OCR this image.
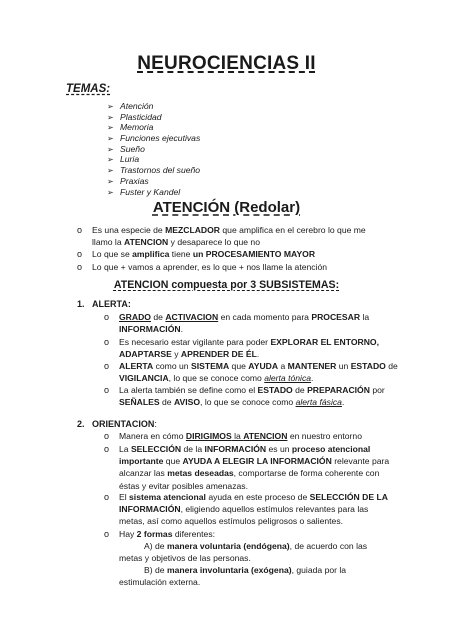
NEUROCIENCIAS II
TEMAS:
➢ Atención
➢ Plasticidad
➢ Memoria
➢ Funciones ejecutivas
➢ Sueño
➢ Luria
➢ Trastornos del sueño
➢ Praxias
➢ Fuster y Kandel
ATENCIÓN (Redolar)
o Es una especie de MEZCLADOR que amplifica en el cerebro lo que me
llamo la ATENCION y desaparece lo que no
o Lo que se amplifica tiene un PROCESAMIENTO MAYOR
o Lo que + vamos a aprender, es lo que + nos llame la atención
ATENCION compuesta por 3 SUBSISTEMAS:
1. ALERTA:
o GRADO de ACTIVACION en cada momento para PROCESAR la
INFORMACIÓN.
o Es necesario estar vigilante para poder EXPLORAR EL ENTORNO,
ADAPTARSE y APRENDER DE ÉL.
o ALERTA como un SISTEMA que AYUDA a MANTENER un ESTADO de
VIGILANCIA, lo que se conoce como alerta tónica.
o La alerta también se define como el ESTADO de PREPARACIÓN por
SEÑALES de AVISO, lo que se conoce como alerta fásica.
2. ORIENTACION:
o Manera en cómo DIRIGIMOS la ATENCION en nuestro entorno
o La SELECCIÓN de la INFORMACIÓN es un proceso atencional
importante que AYUDA A ELEGIR LA INFORMACIÓN relevante para
alcanzar las metas deseadas, comportarse de forma coherente con
éstas y evitar posibles amenazas.
o El sistema atencional ayuda en este proceso de SELECCIÓN DE LA
INFORMACIÓN, eligiendo aquellos estímulos relevantes para las
metas, así como aquellos estímulos peligrosos o salientes.
o Hay 2 formas diferentes:
A) de manera voluntaria (endógena), de acuerdo con las
metas y objetivos de las personas.
B) de manera involuntaria (exógena), guiada por la
estimulación externa.
